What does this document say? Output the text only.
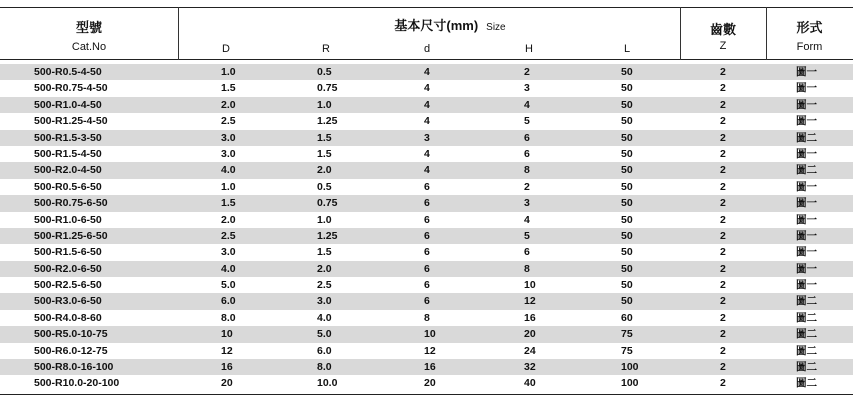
型號
Cat.No
基本尺寸(mm) Size
D	R	d	H	L
齒數
Z
形式
Form
500-R0.5-4-50	1.0	0.5	4	2	50	2	圖一
500-R0.75-4-50	1.5	0.75	4	3	50	2	圖一
500-R1.0-4-50	2.0	1.0	4	4	50	2	圖一
500-R1.25-4-50	2.5	1.25	4	5	50	2	圖一
500-R1.5-3-50	3.0	1.5	3	6	50	2	圖二
500-R1.5-4-50	3.0	1.5	4	6	50	2	圖一
500-R2.0-4-50	4.0	2.0	4	8	50	2	圖二
500-R0.5-6-50	1.0	0.5	6	2	50	2	圖一
500-R0.75-6-50	1.5	0.75	6	3	50	2	圖一
500-R1.0-6-50	2.0	1.0	6	4	50	2	圖一
500-R1.25-6-50	2.5	1.25	6	5	50	2	圖一
500-R1.5-6-50	3.0	1.5	6	6	50	2	圖一
500-R2.0-6-50	4.0	2.0	6	8	50	2	圖一
500-R2.5-6-50	5.0	2.5	6	10	50	2	圖一
500-R3.0-6-50	6.0	3.0	6	12	50	2	圖二
500-R4.0-8-60	8.0	4.0	8	16	60	2	圖二
500-R5.0-10-75	10	5.0	10	20	75	2	圖二
500-R6.0-12-75	12	6.0	12	24	75	2	圖二
500-R8.0-16-100	16	8.0	16	32	100	2	圖二
500-R10.0-20-100	20	10.0	20	40	100	2	圖二
